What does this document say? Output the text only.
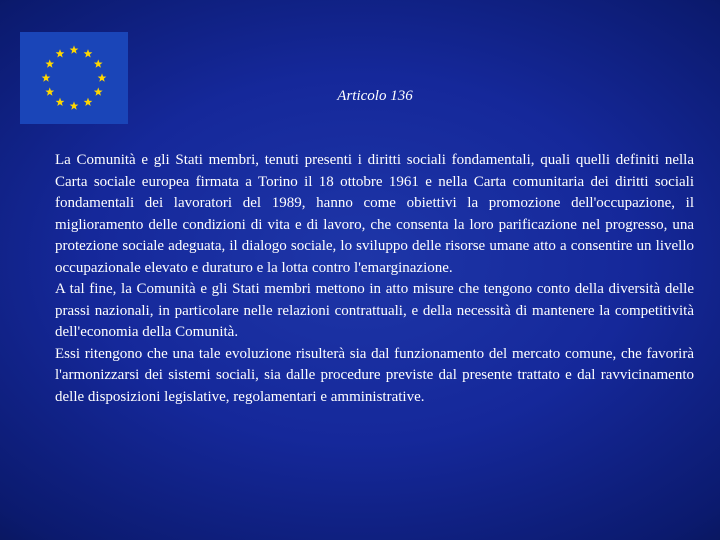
Articolo 136

La Comunità e gli Stati membri, tenuti presenti i diritti sociali fondamentali, quali quelli definiti nella Carta sociale europea firmata a Torino il 18 ottobre 1961 e nella Carta comunitaria dei diritti sociali fondamentali dei lavoratori del 1989, hanno come obiettivi la promozione dell'occupazione, il miglioramento delle condizioni di vita e di lavoro, che consenta la loro parificazione nel progresso, una protezione sociale adeguata, il dialogo sociale, lo sviluppo delle risorse umane atto a consentire un livello occupazionale elevato e duraturo e la lotta contro l'emarginazione.

A tal fine, la Comunità e gli Stati membri mettono in atto misure che tengono conto della diversità delle prassi nazionali, in particolare nelle relazioni contrattuali, e della necessità di mantenere la competitività dell'economia della Comunità.

Essi ritengono che una tale evoluzione risulterà sia dal funzionamento del mercato comune, che favorirà l'armonizzarsi dei sistemi sociali, sia dalle procedure previste dal presente trattato e dal ravvicinamento delle disposizioni legislative, regolamentari e amministrative.
